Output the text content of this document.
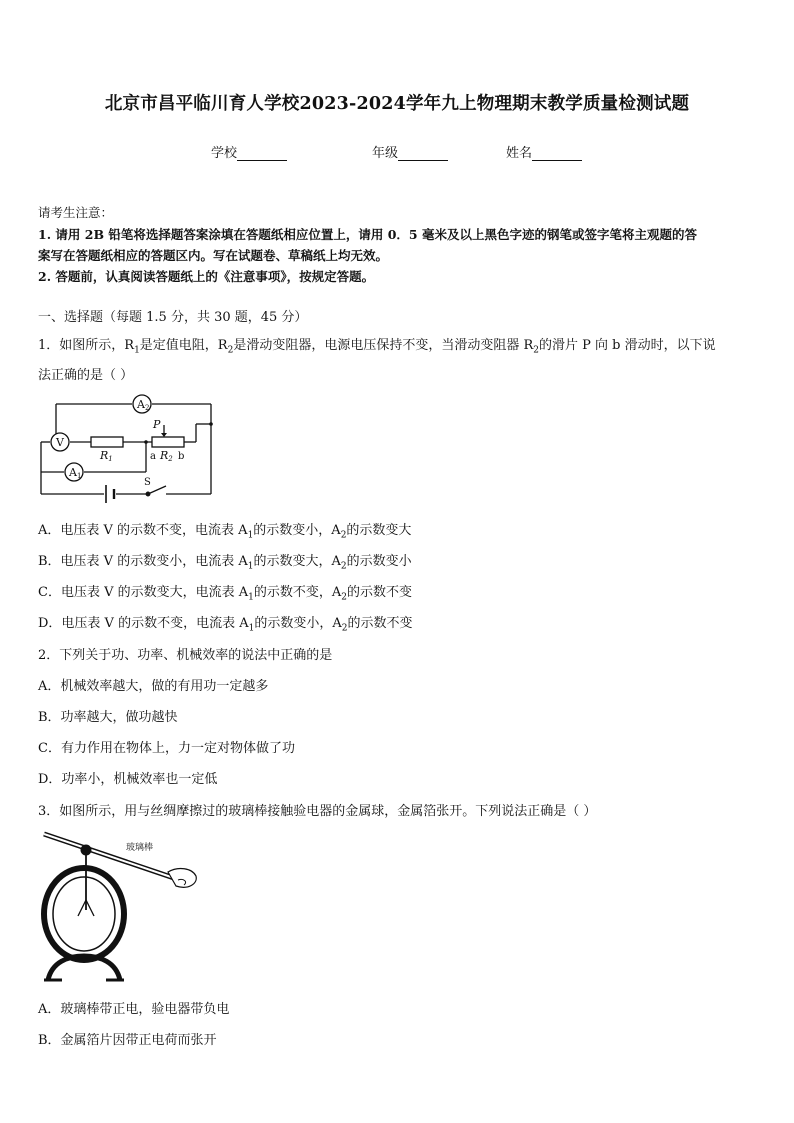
北京市昌平临川育人学校2023-2024学年九上物理期末教学质量检测试题
学校	年级	姓名
请考生注意：
1. 请用 2B 铅笔将选择题答案涂填在答题纸相应位置上，请用 0．5 毫米及以上黑色字迹的钢笔或签字笔将主观题的答
案写在答题纸相应的答题区内。写在试题卷、草稿纸上均无效。
2. 答题前，认真阅读答题纸上的《注意事项》，按规定答题。
一、选择题（每题 1.5 分，共 30 题，45 分）
1．如图所示，$R_1$是定值电阻，$R_2$是滑动变阻器，电源电压保持不变，当滑动变阻器 $R_2$的滑片 P 向 b 滑动时，以下说
法正确的是（ ）
A2
V
A1
R1
P
a R2 b
S
A．电压表 V 的示数不变，电流表 $A_1$的示数变小，$A_2$的示数变大
B．电压表 V 的示数变小，电流表 $A_1$的示数变大，$A_2$的示数变小
C．电压表 V 的示数变大，电流表 $A_1$的示数不变，$A_2$的示数不变
D．电压表 V 的示数不变，电流表 $A_1$的示数变小，$A_2$的示数不变
2．下列关于功、功率、机械效率的说法中正确的是
A．机械效率越大，做的有用功一定越多
B．功率越大，做功越快
C．有力作用在物体上，力一定对物体做了功
D．功率小，机械效率也一定低
3．如图所示，用与丝绸摩擦过的玻璃棒接触验电器的金属球，金属箔张开。下列说法正确是（ ）
玻璃棒
A．玻璃棒带正电，验电器带负电
B．金属箔片因带正电荷而张开
